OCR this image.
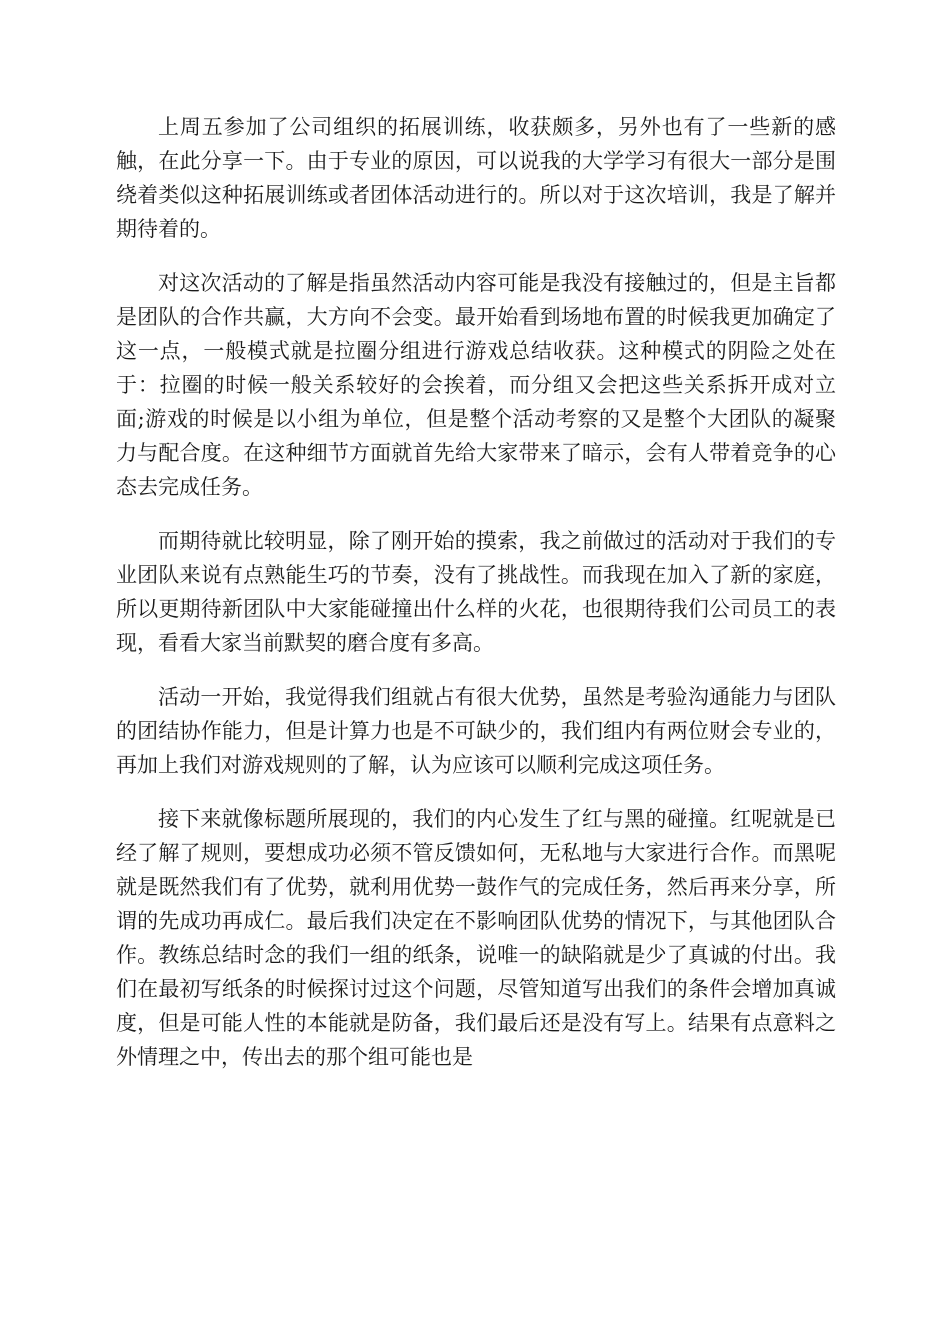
上周五参加了公司组织的拓展训练，收获颇多，另外也有了一些新的感触，在此分享一下。由于专业的原因，可以说我的大学学习有很大一部分是围绕着类似这种拓展训练或者团体活动进行的。所以对于这次培训，我是了解并期待着的。

对这次活动的了解是指虽然活动内容可能是我没有接触过的，但是主旨都是团队的合作共赢，大方向不会变。最开始看到场地布置的时候我更加确定了这一点，一般模式就是拉圈分组进行游戏总结收获。这种模式的阴险之处在于：拉圈的时候一般关系较好的会挨着，而分组又会把这些关系拆开成对立面;游戏的时候是以小组为单位，但是整个活动考察的又是整个大团队的凝聚力与配合度。在这种细节方面就首先给大家带来了暗示，会有人带着竞争的心态去完成任务。

而期待就比较明显，除了刚开始的摸索，我之前做过的活动对于我们的专业团队来说有点熟能生巧的节奏，没有了挑战性。而我现在加入了新的家庭，所以更期待新团队中大家能碰撞出什么样的火花，也很期待我们公司员工的表现，看看大家当前默契的磨合度有多高。

活动一开始，我觉得我们组就占有很大优势，虽然是考验沟通能力与团队的团结协作能力，但是计算力也是不可缺少的，我们组内有两位财会专业的，再加上我们对游戏规则的了解，认为应该可以顺利完成这项任务。

接下来就像标题所展现的，我们的内心发生了红与黑的碰撞。红呢就是已经了解了规则，要想成功必须不管反馈如何，无私地与大家进行合作。而黑呢就是既然我们有了优势，就利用优势一鼓作气的完成任务，然后再来分享，所谓的先成功再成仁。最后我们决定在不影响团队优势的情况下，与其他团队合作。教练总结时念的我们一组的纸条，说唯一的缺陷就是少了真诚的付出。我们在最初写纸条的时候探讨过这个问题，尽管知道写出我们的条件会增加真诚度，但是可能人性的本能就是防备，我们最后还是没有写上。结果有点意料之外情理之中，传出去的那个组可能也是
